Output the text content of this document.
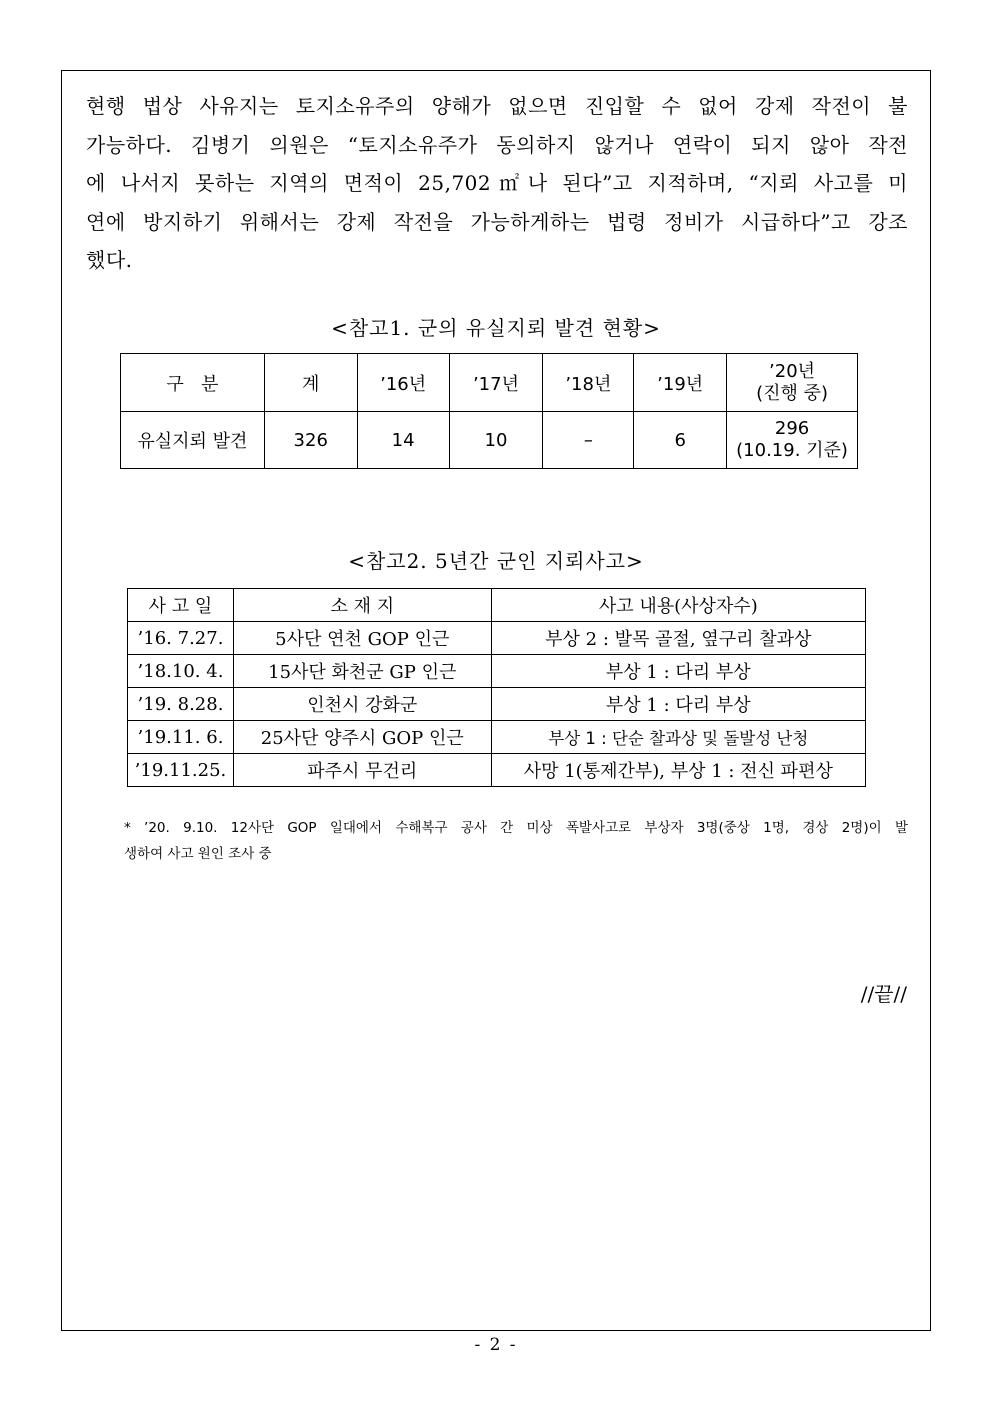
현행 법상 사유지는 토지소유주의 양해가 없으면 진입할 수 없어 강제 작전이 불
가능하다. 김병기 의원은 “토지소유주가 동의하지 않거나 연락이 되지 않아 작전
에 나서지 못하는 지역의 면적이 25,702㎡나 된다”고 지적하며, “지뢰 사고를 미
연에 방지하기 위해서는 강제 작전을 가능하게하는 법령 정비가 시급하다”고 강조
했다.
<참고1. 군의 유실지뢰 발견 현황>
구   분	계	’16년	’17년	’18년	’19년	’20년
(진행 중)

유실지뢰 발견	326	14	10	–	6	296
(10.19. 기준)
<참고2. 5년간 군인 지뢰사고>
사 고 일	소 재 지	사고 내용(사상자수)
’16. 7.27.	5사단 연천 GOP 인근	부상 2 : 발목 골절, 옆구리 찰과상
’18.10. 4.	15사단 화천군 GP 인근	부상 1 : 다리 부상
’19. 8.28.	인천시 강화군	부상 1 : 다리 부상
’19.11. 6.	25사단 양주시 GOP 인근	부상 1 : 단순 찰과상 및 돌발성 난청
’19.11.25.	파주시 무건리	사망 1(통제간부), 부상 1 : 전신 파편상
* ’20. 9.10. 12사단 GOP 일대에서 수해복구 공사 간 미상 폭발사고로 부상자 3명(중상 1명, 경상 2명)이 발
생하여 사고 원인 조사 중
//끝//
- 2 -
